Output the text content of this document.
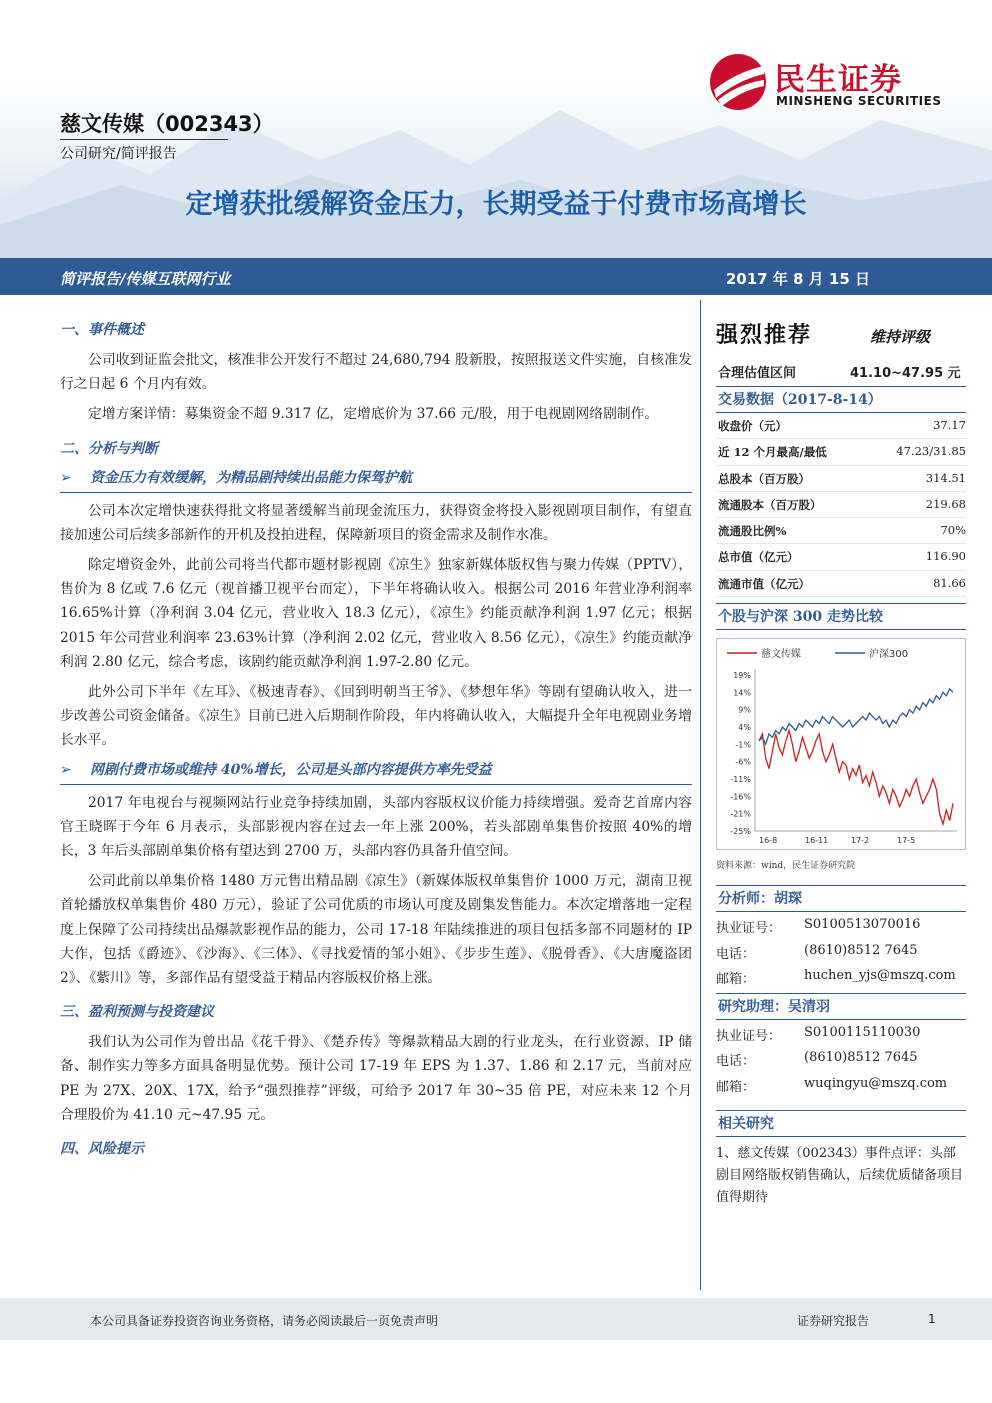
民生证券
MINSHENG SECURITIES
慈文传媒（002343）
公司研究/简评报告
定增获批缓解资金压力，长期受益于付费市场高增长
简评报告/传媒互联网行业	2017 年 8 月 15 日
一、事件概述
公司收到证监会批文，核准非公开发行不超过 24,680,794 股新股，按照报送文件实施，自核准发行之日起 6 个月内有效。
定增方案详情：募集资金不超 9.317 亿，定增底价为 37.66 元/股，用于电视剧网络剧制作。
二、分析与判断
➢	资金压力有效缓解，为精品剧持续出品能力保驾护航
公司本次定增快速获得批文将显著缓解当前现金流压力，获得资金将投入影视剧项目制作，有望直接加速公司后续多部新作的开机及投拍进程，保障新项目的资金需求及制作水准。
除定增资金外，此前公司将当代都市题材影视剧《凉生》独家新媒体版权售与聚力传媒（PPTV），售价为 8 亿或 7.6 亿元（视首播卫视平台而定），下半年将确认收入。根据公司 2016 年营业净利润率 16.65%计算（净利润 3.04 亿元，营业收入 18.3 亿元），《凉生》约能贡献净利润 1.97 亿元；根据 2015 年公司营业利润率 23.63%计算（净利润 2.02 亿元，营业收入 8.56 亿元），《凉生》约能贡献净利润 2.80 亿元，综合考虑，该剧约能贡献净利润 1.97-2.80 亿元。
此外公司下半年《左耳》、《极速青春》、《回到明朝当王爷》、《梦想年华》等剧有望确认收入，进一步改善公司资金储备。《凉生》目前已进入后期制作阶段，年内将确认收入，大幅提升全年电视剧业务增长水平。
➢	网剧付费市场或维持 40%增长，公司是头部内容提供方率先受益
2017 年电视台与视频网站行业竞争持续加剧，头部内容版权议价能力持续增强。爱奇艺首席内容官王晓晖于今年 6 月表示，头部影视内容在过去一年上涨 200%，若头部剧单集售价按照 40%的增长，3 年后头部剧单集价格有望达到 2700 万，头部内容仍具备升值空间。
公司此前以单集价格 1480 万元售出精品剧《凉生》（新媒体版权单集售价 1000 万元，湖南卫视首轮播放权单集售价 480 万元），验证了公司优质的市场认可度及剧集发售能力。本次定增落地一定程度上保障了公司持续出品爆款影视作品的能力，公司 17-18 年陆续推进的项目包括多部不同题材的 IP 大作，包括《爵迹》、《沙海》、《三体》、《寻找爱情的邹小姐》、《步步生莲》、《脱骨香》、《大唐魔盗团 2》、《紫川》等，多部作品有望受益于精品内容版权价格上涨。
三、盈利预测与投资建议
我们认为公司作为曾出品《花千骨》、《楚乔传》等爆款精品大剧的行业龙头，在行业资源、IP 储备、制作实力等多方面具备明显优势。预计公司 17-19 年 EPS 为 1.37、1.86 和 2.17 元，当前对应 PE 为 27X、20X、17X，给予“强烈推荐”评级，可给予 2017 年 30~35 倍 PE，对应未来 12 个月合理股价为 41.10 元~47.95 元。
四、风险提示
强烈推荐	维持评级
合理估值区间	41.10~47.95 元
交易数据（2017-8-14）
收盘价（元）	37.17
近 12 个月最高/最低	47.23/31.85
总股本（百万股）	314.51
流通股本（百万股）	219.68
流通股比例%	70%
总市值（亿元）	116.90
流通市值（亿元）	81.66
个股与沪深 300 走势比较
慈文传媒	沪深300
19%
14%
9%
4%
-1%
-6%
-11%
-16%
-21%
-25%
16-8	16-11	17-2	17-5
资料来源：wind，民生证券研究院
分析师：胡琛
执业证号： S0100513070016
电话：	(8610)8512 7645
邮箱：	huchen_yjs@mszq.com
研究助理：吴清羽
执业证号： S0100115110030
电话：	(8610)8512 7645
邮箱：	wuqingyu@mszq.com
相关研究
1、慈文传媒（002343）事件点评：头部剧目网络版权销售确认，后续优质储备项目值得期待
本公司具备证券投资咨询业务资格，请务必阅读最后一页免责声明	证券研究报告	1
